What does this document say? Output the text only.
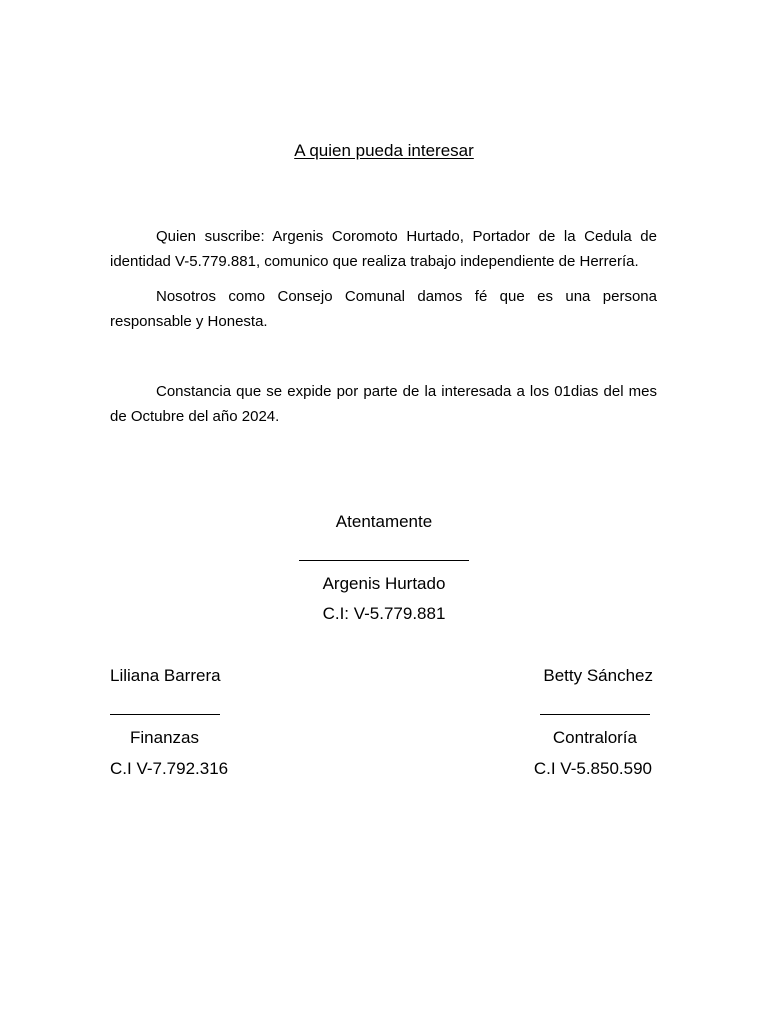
A quien pueda interesar

Quien suscribe: Argenis Coromoto Hurtado, Portador de la Cedula de identidad V-5.779.881, comunico que realiza trabajo independiente de Herrería.

Nosotros como Consejo Comunal damos fé que es una persona responsable y Honesta.

Constancia que se expide por parte de la interesada a los 01dias del mes de Octubre del año 2024.

Atentamente
Argenis Hurtado
C.I: V-5.779.881
Liliana Barrera
Finanzas
C.I V-7.792.316
Betty Sánchez
Contraloría
C.I V-5.850.590
